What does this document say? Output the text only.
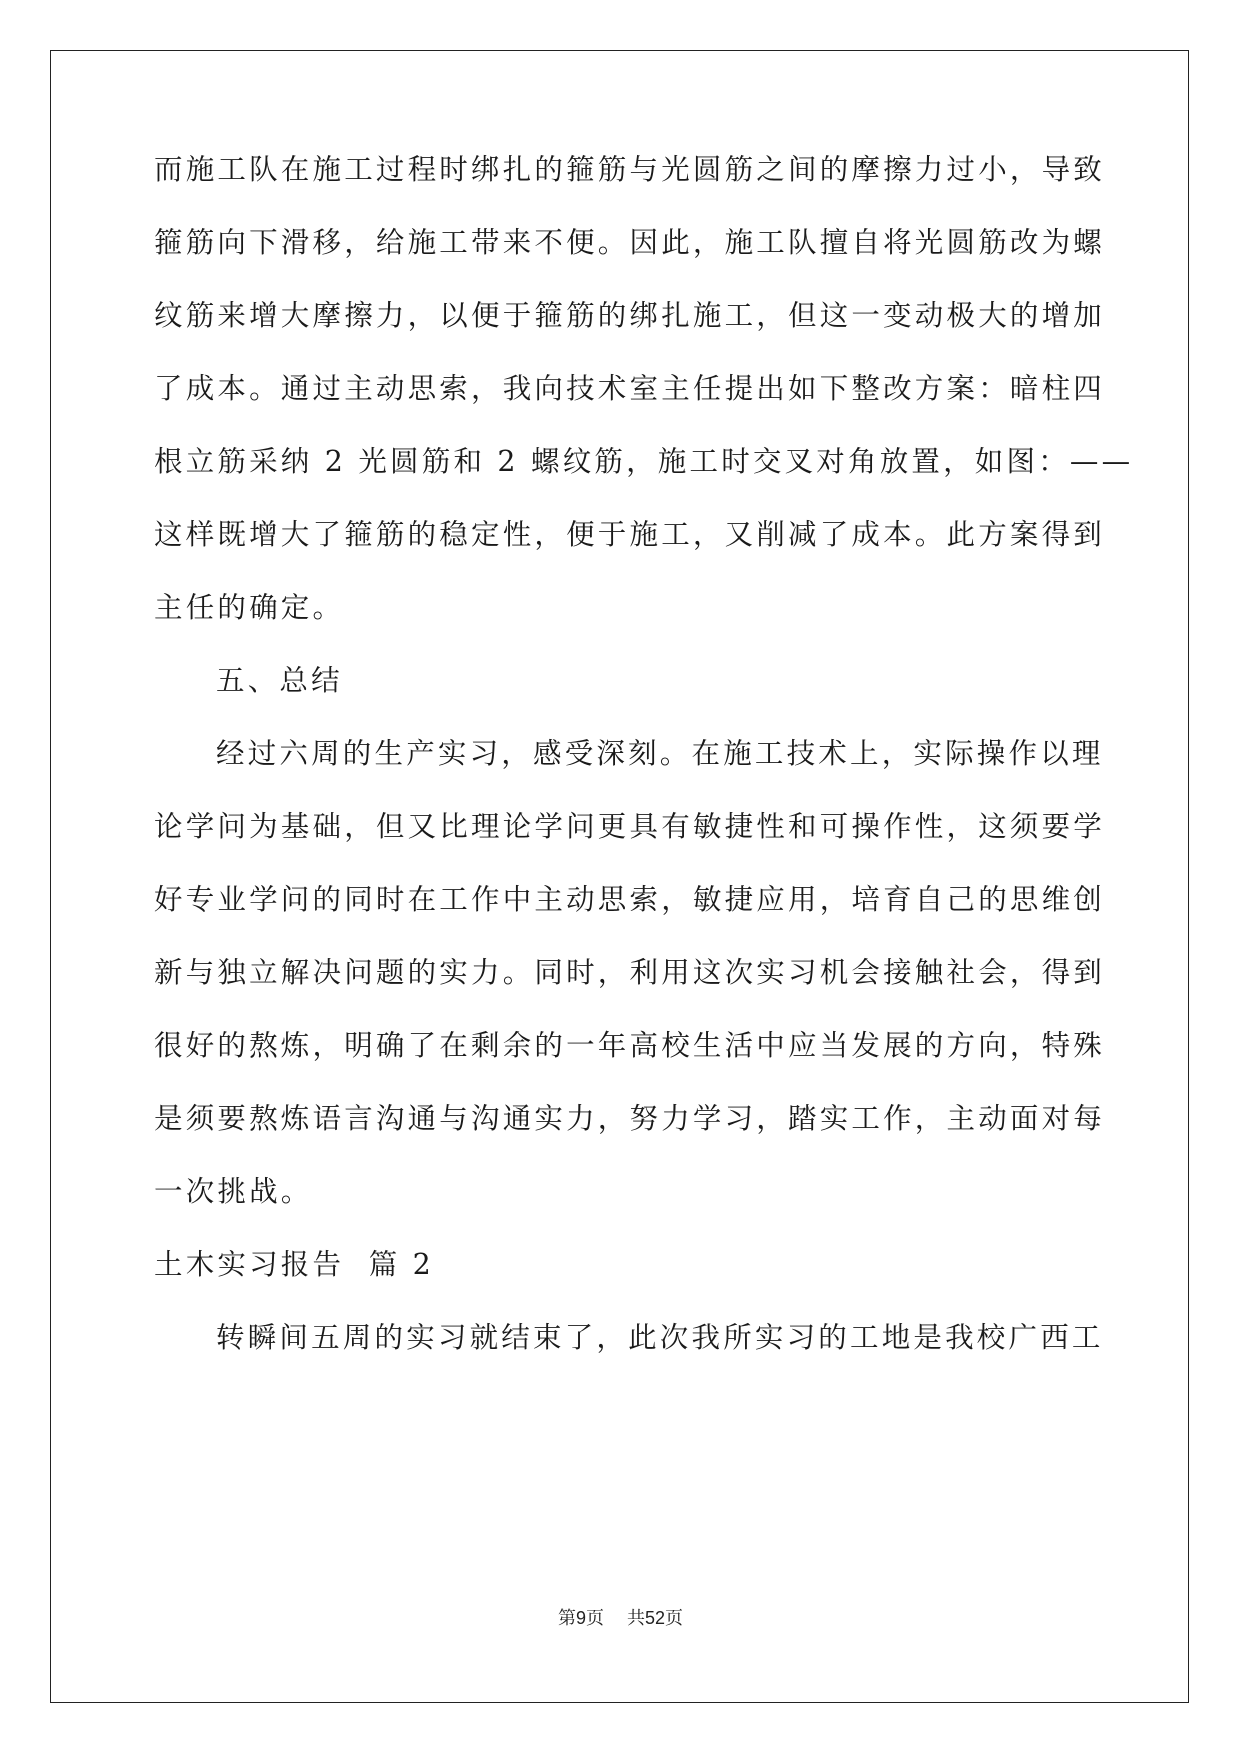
而施工队在施工过程时绑扎的箍筋与光圆筋之间的摩擦力过小，导致
箍筋向下滑移，给施工带来不便。因此，施工队擅自将光圆筋改为螺
纹筋来增大摩擦力，以便于箍筋的绑扎施工，但这一变动极大的增加
了成本。通过主动思索，我向技术室主任提出如下整改方案：暗柱四
根立筋采纳 2 光圆筋和 2 螺纹筋，施工时交叉对角放置，如图：——
这样既增大了箍筋的稳定性，便于施工，又削减了成本。此方案得到
主任的确定。
五、总结
经过六周的生产实习，感受深刻。在施工技术上，实际操作以理
论学问为基础，但又比理论学问更具有敏捷性和可操作性，这须要学
好专业学问的同时在工作中主动思索，敏捷应用，培育自己的思维创
新与独立解决问题的实力。同时，利用这次实习机会接触社会，得到
很好的熬炼，明确了在剩余的一年高校生活中应当发展的方向，特殊
是须要熬炼语言沟通与沟通实力，努力学习，踏实工作，主动面对每
一次挑战。
土木实习报告  篇 2
转瞬间五周的实习就结束了，此次我所实习的工地是我校广西工
第9页 共52页
